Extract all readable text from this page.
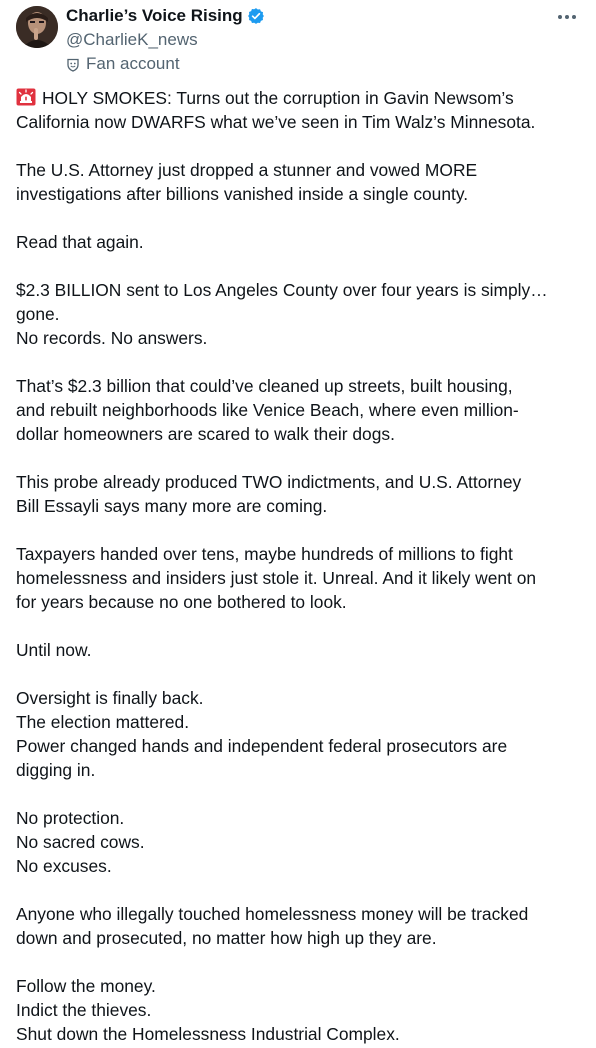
Charlie’s Voice Rising
@CharlieK_news
Fan account

HOLY SMOKES: Turns out the corruption in Gavin Newsom’s
California now DWARFS what we’ve seen in Tim Walz’s Minnesota.

The U.S. Attorney just dropped a stunner and vowed MORE
investigations after billions vanished inside a single county.

Read that again.

$2.3 BILLION sent to Los Angeles County over four years is simply…
gone.
No records. No answers.

That’s $2.3 billion that could’ve cleaned up streets, built housing,
and rebuilt neighborhoods like Venice Beach, where even million-
dollar homeowners are scared to walk their dogs.

This probe already produced TWO indictments, and U.S. Attorney
Bill Essayli says many more are coming.

Taxpayers handed over tens, maybe hundreds of millions to fight
homelessness and insiders just stole it. Unreal. And it likely went on
for years because no one bothered to look.

Until now.

Oversight is finally back.
The election mattered.
Power changed hands and independent federal prosecutors are
digging in.

No protection.
No sacred cows.
No excuses.

Anyone who illegally touched homelessness money will be tracked
down and prosecuted, no matter how high up they are.

Follow the money.
Indict the thieves.
Shut down the Homelessness Industrial Complex.
